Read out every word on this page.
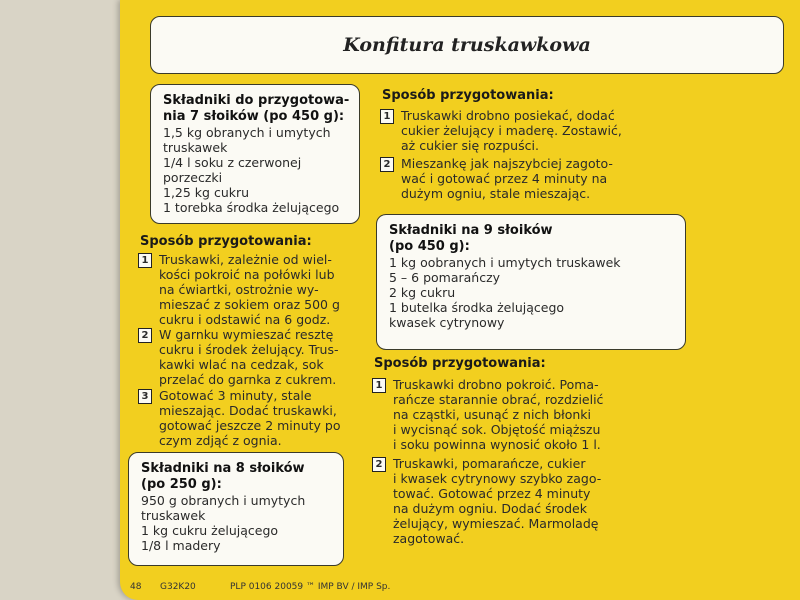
Konfitura truskawkowa
Składniki do przygotowa-
nia 7 słoików (po 450 g):
1,5 kg obranych i umytych
truskawek
1/4 l soku z czerwonej
porzeczki
1,25 kg cukru
1 torebka środka żelującego
Sposób przygotowania:
1 Truskawki, zależnie od wiel-
kości pokroić na połówki lub
na ćwiartki, ostrożnie wy-
mieszać z sokiem oraz 500 g
cukru i odstawić na 6 godz.
2 W garnku wymieszać resztę
cukru i środek żelujący. Trus-
kawki wlać na cedzak, sok
przelać do garnka z cukrem.
3 Gotować 3 minuty, stale
mieszając. Dodać truskawki,
gotować jeszcze 2 minuty po
czym zdjąć z ognia.
Składniki na 8 słoików
(po 250 g):
950 g obranych i umytych
truskawek
1 kg cukru żelującego
1/8 l madery
Sposób przygotowania:
1 Truskawki drobno posiekać, dodać
cukier żelujący i maderę. Zostawić,
aż cukier się rozpuści.
2 Mieszankę jak najszybciej zagoto-
wać i gotować przez 4 minuty na
dużym ogniu, stale mieszając.
Składniki na 9 słoików
(po 450 g):
1 kg oobranych i umytych truskawek
5 – 6 pomarańczy
2 kg cukru
1 butelka środka żelującego
kwasek cytrynowy
Sposób przygotowania:
1 Truskawki drobno pokroić. Poma-
rańcze starannie obrać, rozdzielić
na cząstki, usunąć z nich błonki
i wycisnąć sok. Objętość miąższu
i soku powinna wynosić około 1 l.
2 Truskawki, pomarańcze, cukier
i kwasek cytrynowy szybko zago-
tować. Gotować przez 4 minuty
na dużym ogniu. Dodać środek
żelujący, wymieszać. Marmoladę
zagotować.
48 G32K20	PLP 0106 20059 ™ IMP BV / IMP Sp.
